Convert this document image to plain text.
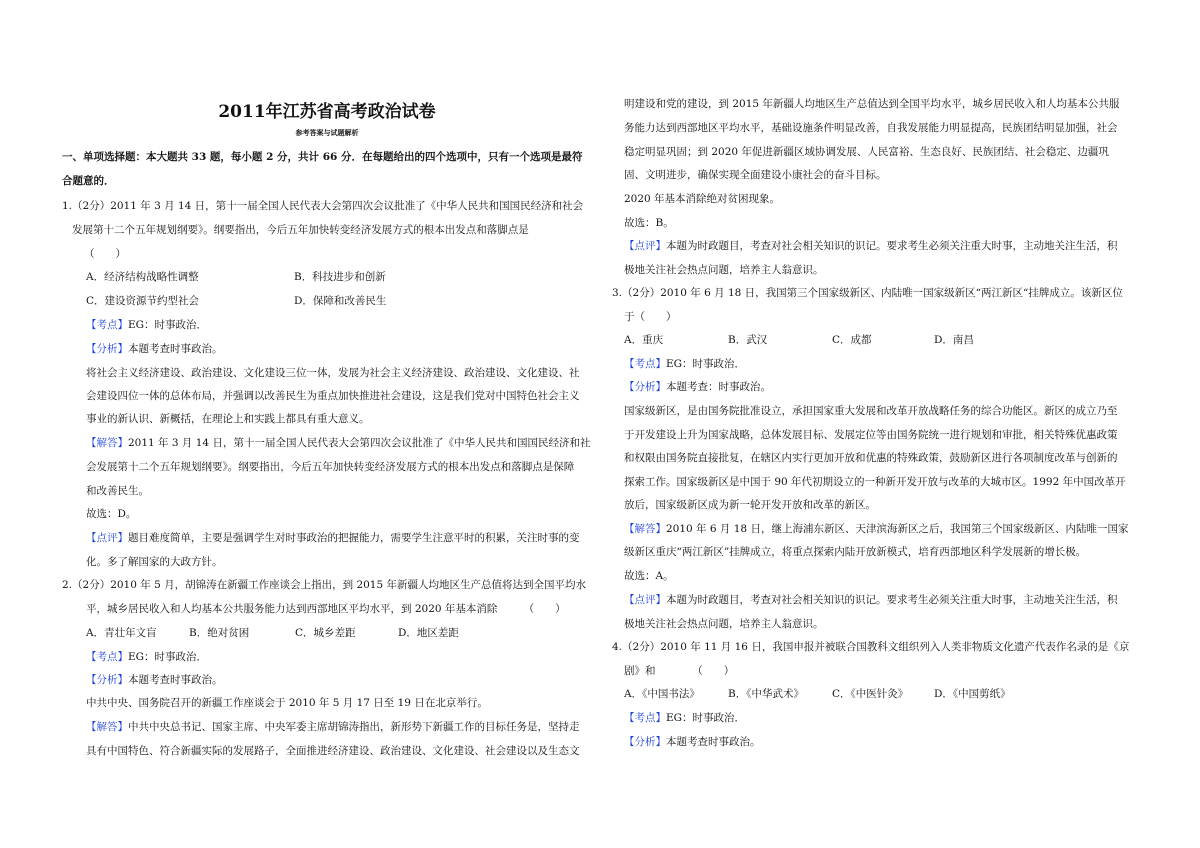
2011年江苏省高考政治试卷
参考答案与试题解析
一、单项选择题：本大题共 33 题，每小题 2 分，共计 66 分．在每题给出的四个选项中，只有一个选项是最符
合题意的．
1.（2分）2011 年 3 月 14 日，第十一届全国人民代表大会第四次会议批准了《中华人民共和国国民经济和社会
发展第十二个五年规划纲要》。纲要指出，今后五年加快转变经济发展方式的根本出发点和落脚点是
（　　）
A．经济结构战略性调整	B．科技进步和创新
C．建设资源节约型社会	D．保障和改善民生
【考点】EG：时事政治．
【分析】本题考查时事政治。
将社会主义经济建设、政治建设、文化建设三位一体，发展为社会主义经济建设、政治建设、文化建设、社
会建设四位一体的总体布局，并强调以改善民生为重点加快推进社会建设，这是我们党对中国特色社会主义
事业的新认识、新概括，在理论上和实践上都具有重大意义。
【解答】2011 年 3 月 14 日，第十一届全国人民代表大会第四次会议批准了《中华人民共和国国民经济和社
会发展第十二个五年规划纲要》。纲要指出，今后五年加快转变经济发展方式的根本出发点和落脚点是保障
和改善民生。
故选：D。
【点评】题目难度简单，主要是强调学生对时事政治的把握能力，需要学生注意平时的积累，关注时事的变
化。多了解国家的大政方针。
2.（2分）2010 年 5 月，胡锦涛在新疆工作座谈会上指出，到 2015 年新疆人均地区生产总值将达到全国平均水
平，城乡居民收入和人均基本公共服务能力达到西部地区平均水平，到 2020 年基本消除　　　（　　）
A．青壮年文盲	B．绝对贫困	C．城乡差距	D．地区差距
【考点】EG：时事政治．
【分析】本题考查时事政治。
中共中央、国务院召开的新疆工作座谈会于 2010 年 5 月 17 日至 19 日在北京举行。
【解答】中共中央总书记、国家主席、中央军委主席胡锦涛指出，新形势下新疆工作的目标任务是，坚持走
具有中国特色、符合新疆实际的发展路子，全面推进经济建设、政治建设、文化建设、社会建设以及生态文
明建设和党的建设，到 2015 年新疆人均地区生产总值达到全国平均水平，城乡居民收入和人均基本公共服
务能力达到西部地区平均水平，基础设施条件明显改善，自我发展能力明显提高，民族团结明显加强，社会
稳定明显巩固；到 2020 年促进新疆区域协调发展、人民富裕、生态良好、民族团结、社会稳定、边疆巩
固、文明进步，确保实现全面建设小康社会的奋斗目标。
2020 年基本消除绝对贫困现象。
故选：B。
【点评】本题为时政题目，考查对社会相关知识的识记。要求考生必须关注重大时事，主动地关注生活，积
极地关注社会热点问题，培养主人翁意识。
3.（2分）2010 年 6 月 18 日，我国第三个国家级新区、内陆唯一国家级新区“两江新区“挂牌成立。该新区位
于（　　）
A．重庆	B．武汉	C．成都	D．南昌
【考点】EG：时事政治．
【分析】本题考查：时事政治。
国家级新区，是由国务院批准设立，承担国家重大发展和改革开放战略任务的综合功能区。新区的成立乃至
于开发建设上升为国家战略，总体发展目标、发展定位等由国务院统一进行规划和审批，相关特殊优惠政策
和权限由国务院直接批复，在辖区内实行更加开放和优惠的特殊政策，鼓励新区进行各项制度改革与创新的
探索工作。国家级新区是中国于 90 年代初期设立的一种新开发开放与改革的大城市区。1992 年中国改革开
放后，国家级新区成为新一轮开发开放和改革的新区。
【解答】2010 年 6 月 18 日，继上海浦东新区、天津滨海新区之后，我国第三个国家级新区、内陆唯一国家
级新区重庆“两江新区”挂牌成立，将重点探索内陆开放新模式，培育西部地区科学发展新的增长极。
故选：A。
【点评】本题为时政题目，考查对社会相关知识的识记。要求考生必须关注重大时事，主动地关注生活，积
极地关注社会热点问题，培养主人翁意识。
4.（2分）2010 年 11 月 16 日，我国申报并被联合国教科文组织列入人类非物质文化遗产代表作名录的是《京
剧》和　　　　（　　）
A．《中国书法》	B．《中华武术》	C．《中医针灸》 D．《中国剪纸》
【考点】EG：时事政治．
【分析】本题考查时事政治。
